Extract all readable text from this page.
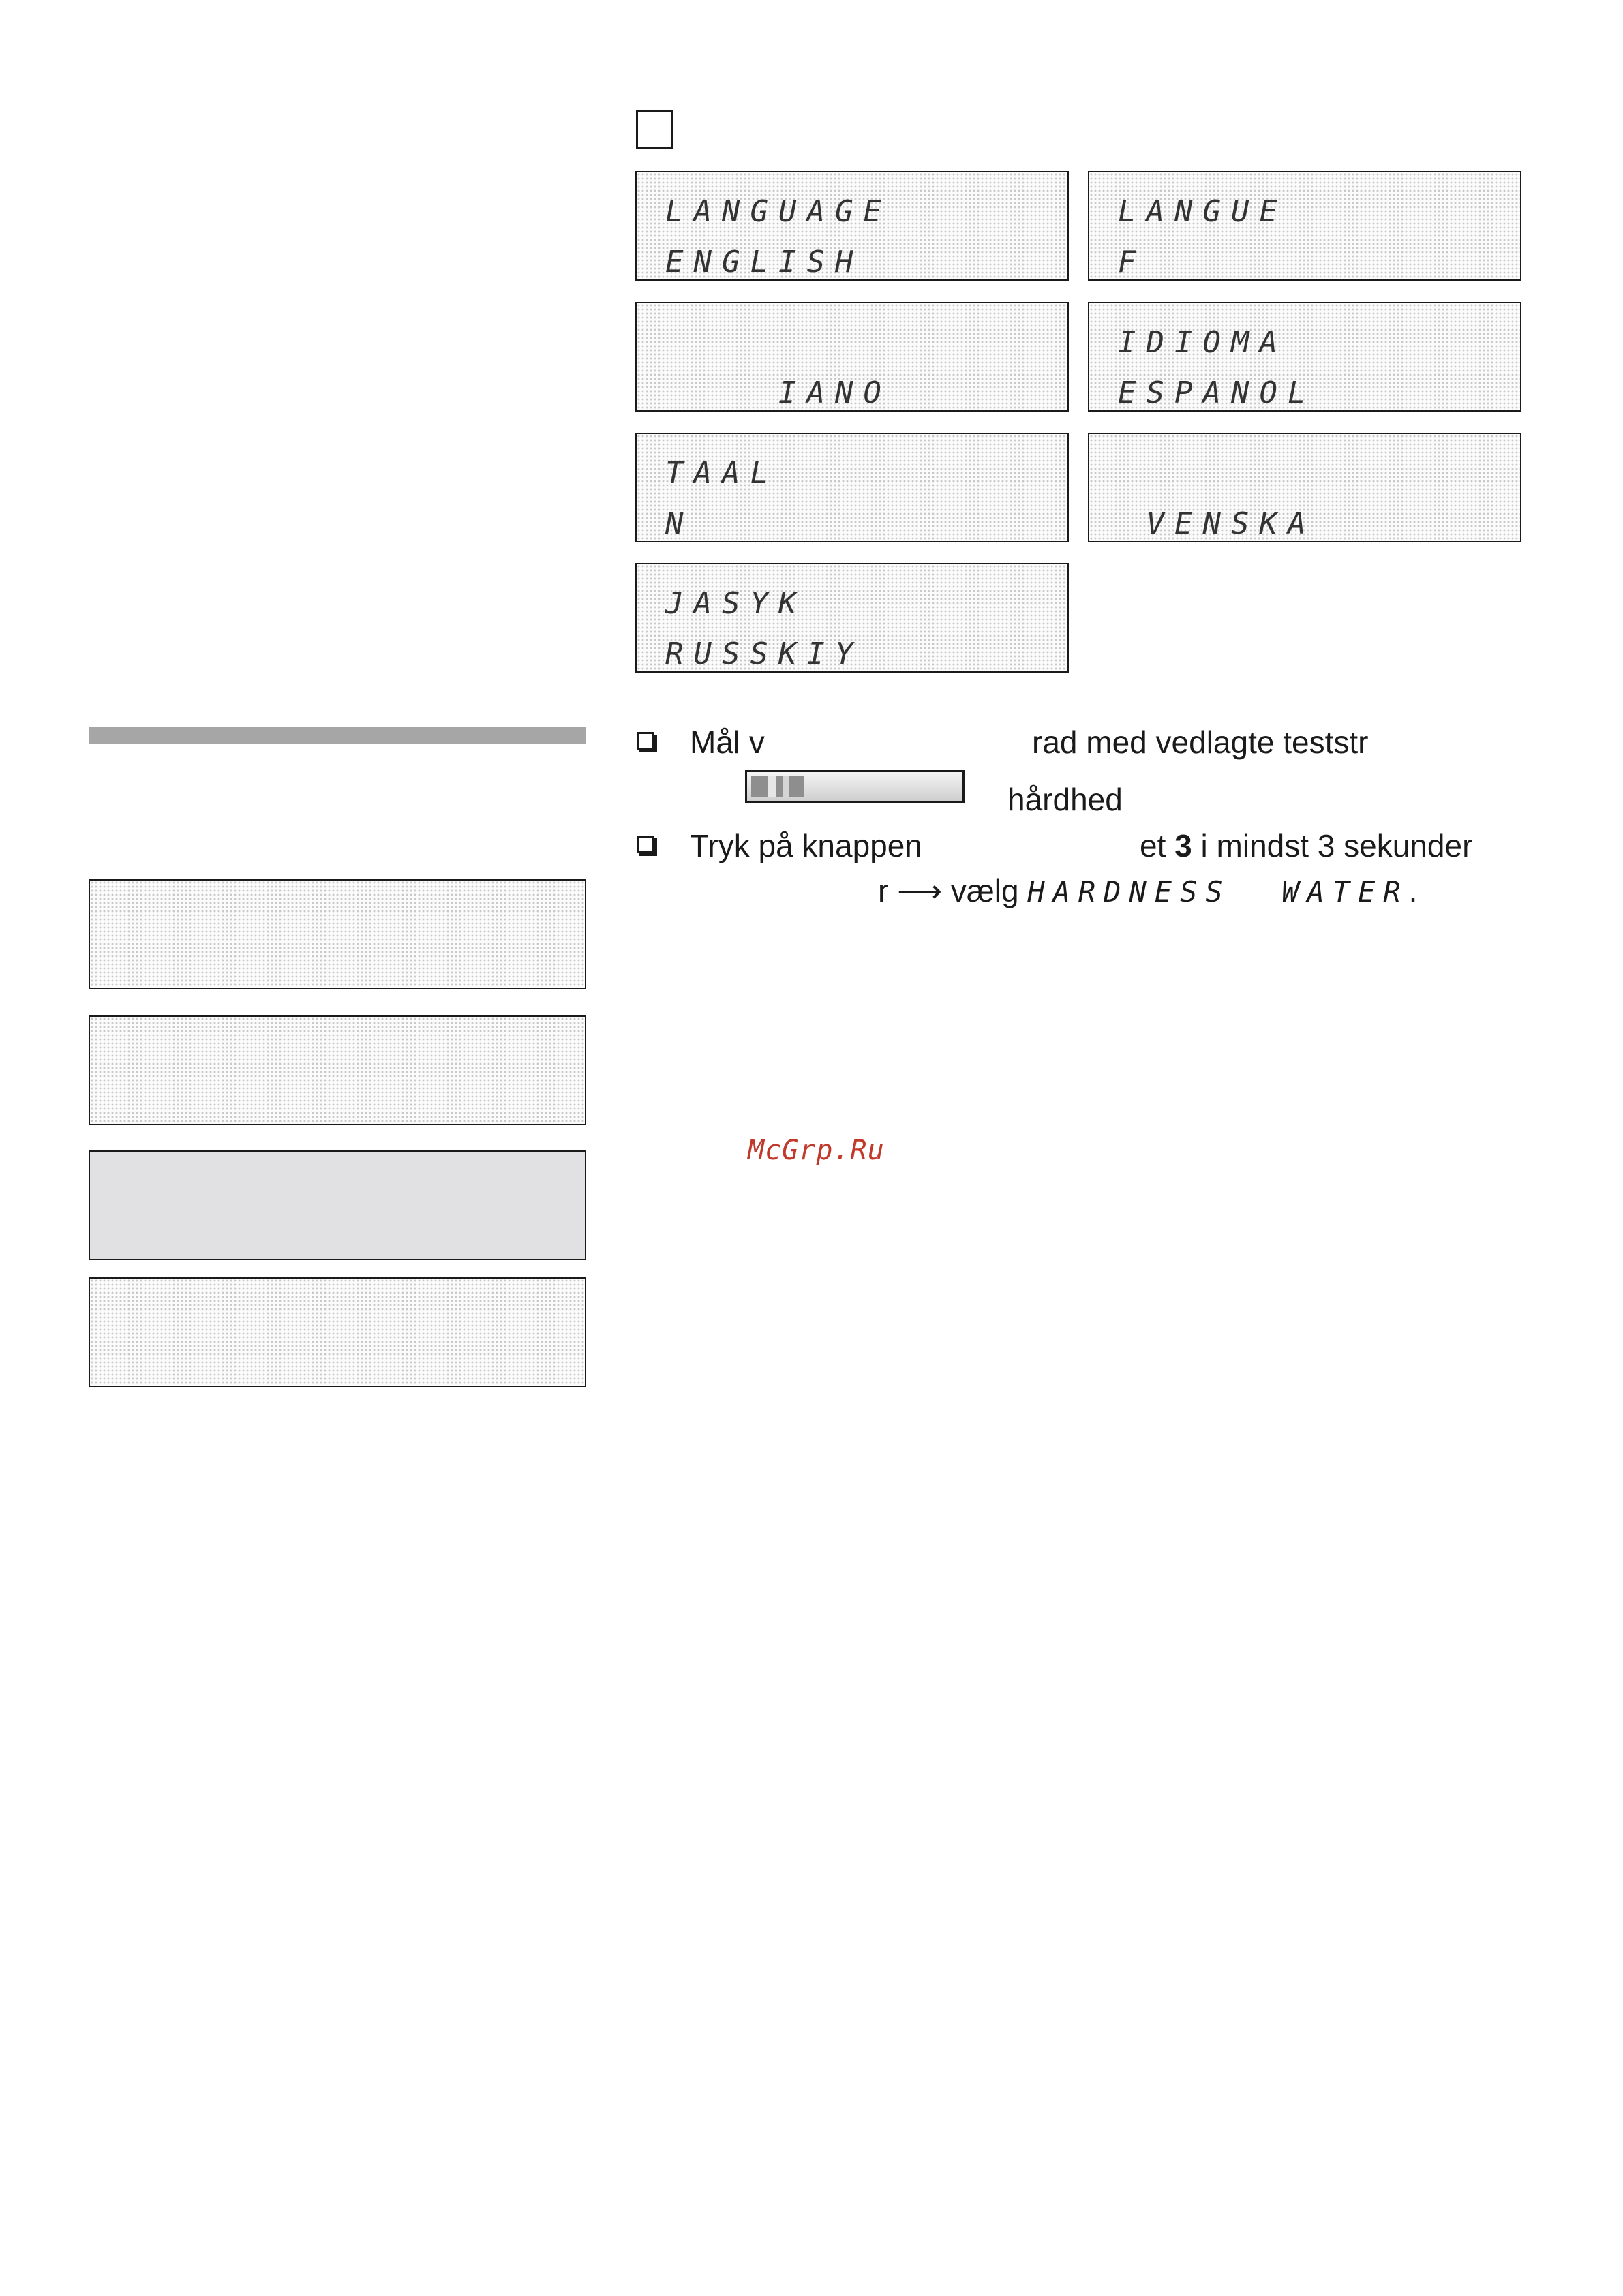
LANGUAGE
ENGLISH
LANGUE
F
IANO
IDIOMA
ESPANOL
TAAL
N	VENSKA
JASYK
RUSSKIY
Mål v	rad med vedlagte teststr
hårdhed
Tryk på knappen	et 3 i mindst 3 sekunder
r ⟶ vælg HARDNESS  WATER.
McGrp.Ru
